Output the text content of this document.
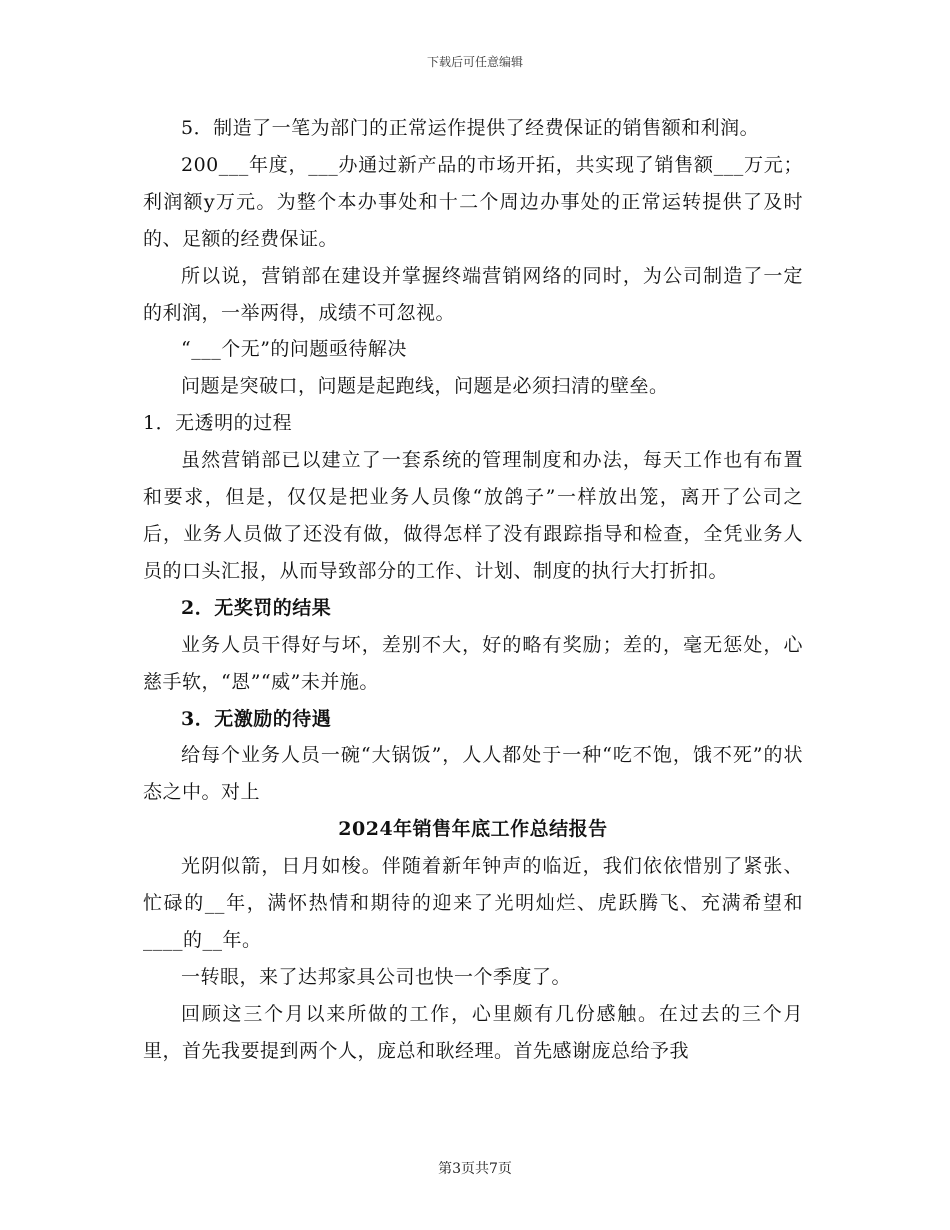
下载后可任意编辑

5．制造了一笔为部门的正常运作提供了经费保证的销售额和利润。

200___年度，___办通过新产品的市场开拓，共实现了销售额___万元；利润额y万元。为整个本办事处和十二个周边办事处的正常运转提供了及时的、足额的经费保证。

所以说，营销部在建设并掌握终端营销网络的同时，为公司制造了一定的利润，一举两得，成绩不可忽视。

“___个无”的问题亟待解决

问题是突破口，问题是起跑线，问题是必须扫清的壁垒。

1．无透明的过程

虽然营销部已以建立了一套系统的管理制度和办法，每天工作也有布置和要求，但是，仅仅是把业务人员像“放鸽子”一样放出笼，离开了公司之后，业务人员做了还没有做，做得怎样了没有跟踪指导和检查，全凭业务人员的口头汇报，从而导致部分的工作、计划、制度的执行大打折扣。

2．无奖罚的结果

业务人员干得好与坏，差别不大，好的略有奖励；差的，毫无惩处，心慈手软，“恩”“威”未并施。

3．无激励的待遇

给每个业务人员一碗“大锅饭”，人人都处于一种“吃不饱，饿不死”的状态之中。对上

2024年销售年底工作总结报告

光阴似箭，日月如梭。伴随着新年钟声的临近，我们依依惜别了紧张、忙碌的__年，满怀热情和期待的迎来了光明灿烂、虎跃腾飞、充满希望和____的__年。

一转眼，来了达邦家具公司也快一个季度了。

回顾这三个月以来所做的工作，心里颇有几份感触。在过去的三个月里，首先我要提到两个人，庞总和耿经理。首先感谢庞总给予我

第3页共7页
